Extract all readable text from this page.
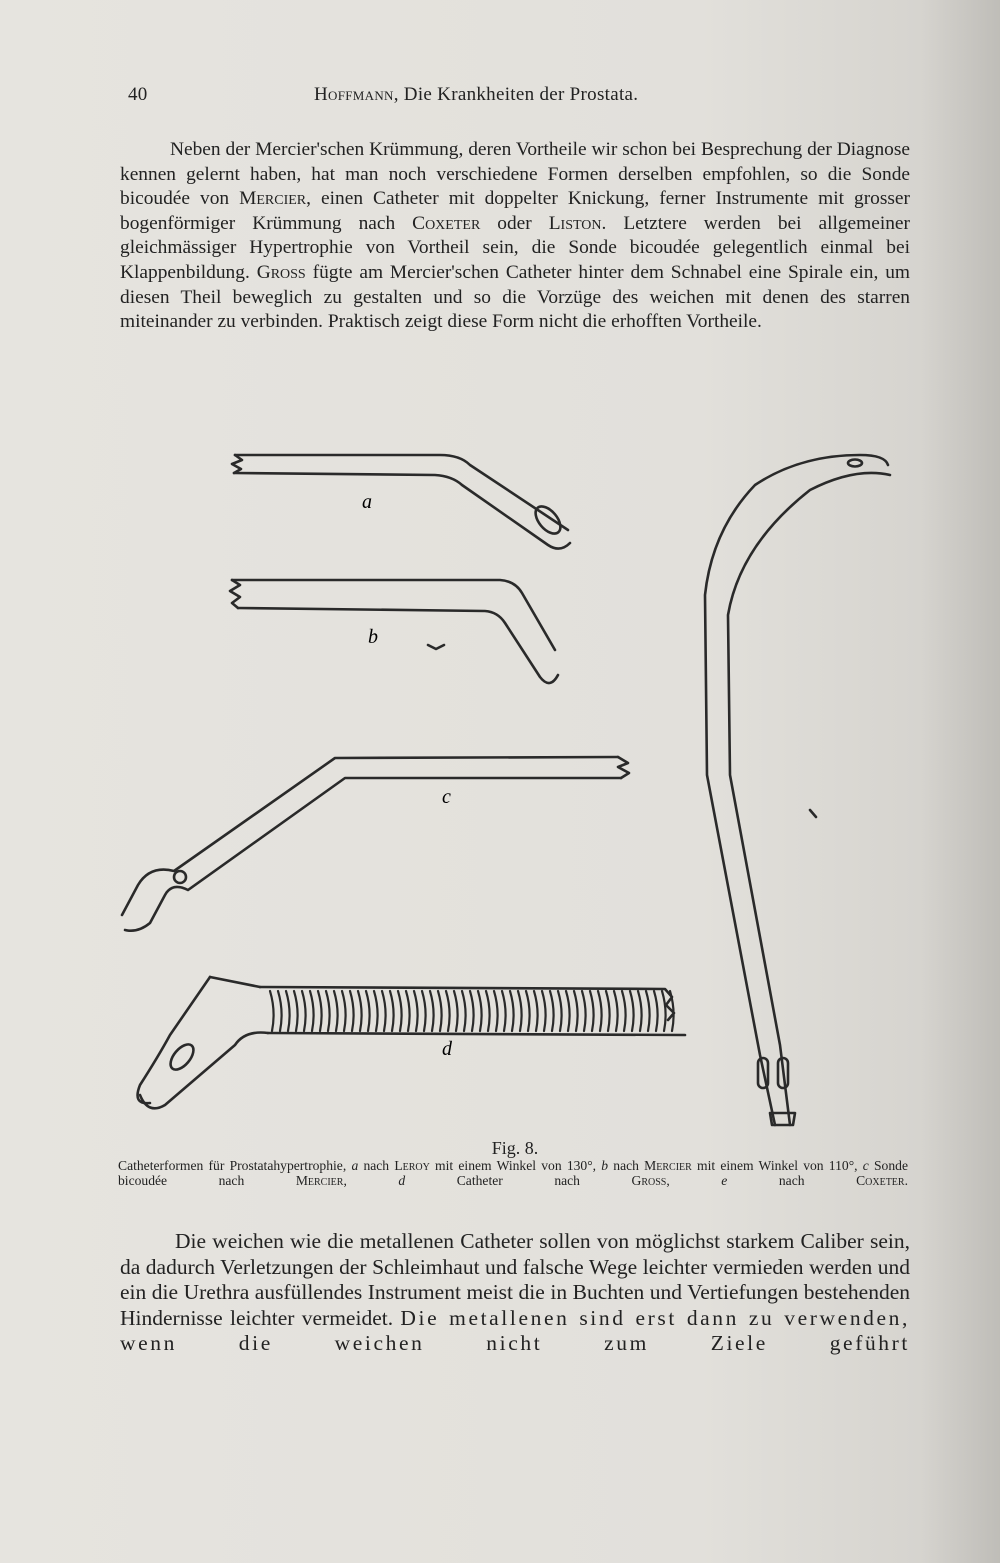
40	Hoffmann, Die Krankheiten der Prostata.
Neben der Mercier'schen Krümmung, deren Vortheile wir schon bei Besprechung der Diagnose kennen gelernt haben, hat man noch verschiedene Formen derselben empfohlen, so die Sonde bicoudée von Mercier, einen Catheter mit doppelter Knickung, ferner Instrumente mit grosser bogenförmiger Krümmung nach Coxeter oder Liston. Letztere werden bei allgemeiner gleichmässiger Hypertrophie von Vortheil sein, die Sonde bicoudée gelegentlich einmal bei Klappenbildung. Gross fügte am Mercier'schen Catheter hinter dem Schnabel eine Spirale ein, um diesen Theil beweglich zu gestalten und so die Vorzüge des weichen mit denen des starren miteinander zu verbinden. Praktisch zeigt diese Form nicht die erhofften Vortheile.
a
b
c
d
Fig. 8.
Catheterformen für Prostatahypertrophie, a nach Leroy mit einem Winkel von 130°, b nach Mercier mit einem Winkel von 110°, c Sonde bicoudée nach Mercier, d Catheter nach Gross, e nach Coxeter.
Die weichen wie die metallenen Catheter sollen von möglichst starkem Caliber sein, da dadurch Verletzungen der Schleimhaut und falsche Wege leichter vermieden werden und ein die Urethra ausfüllendes Instrument meist die in Buchten und Vertiefungen bestehenden Hindernisse leichter vermeidet. Die metallenen sind erst dann zu verwenden, wenn die weichen nicht zum Ziele geführt
